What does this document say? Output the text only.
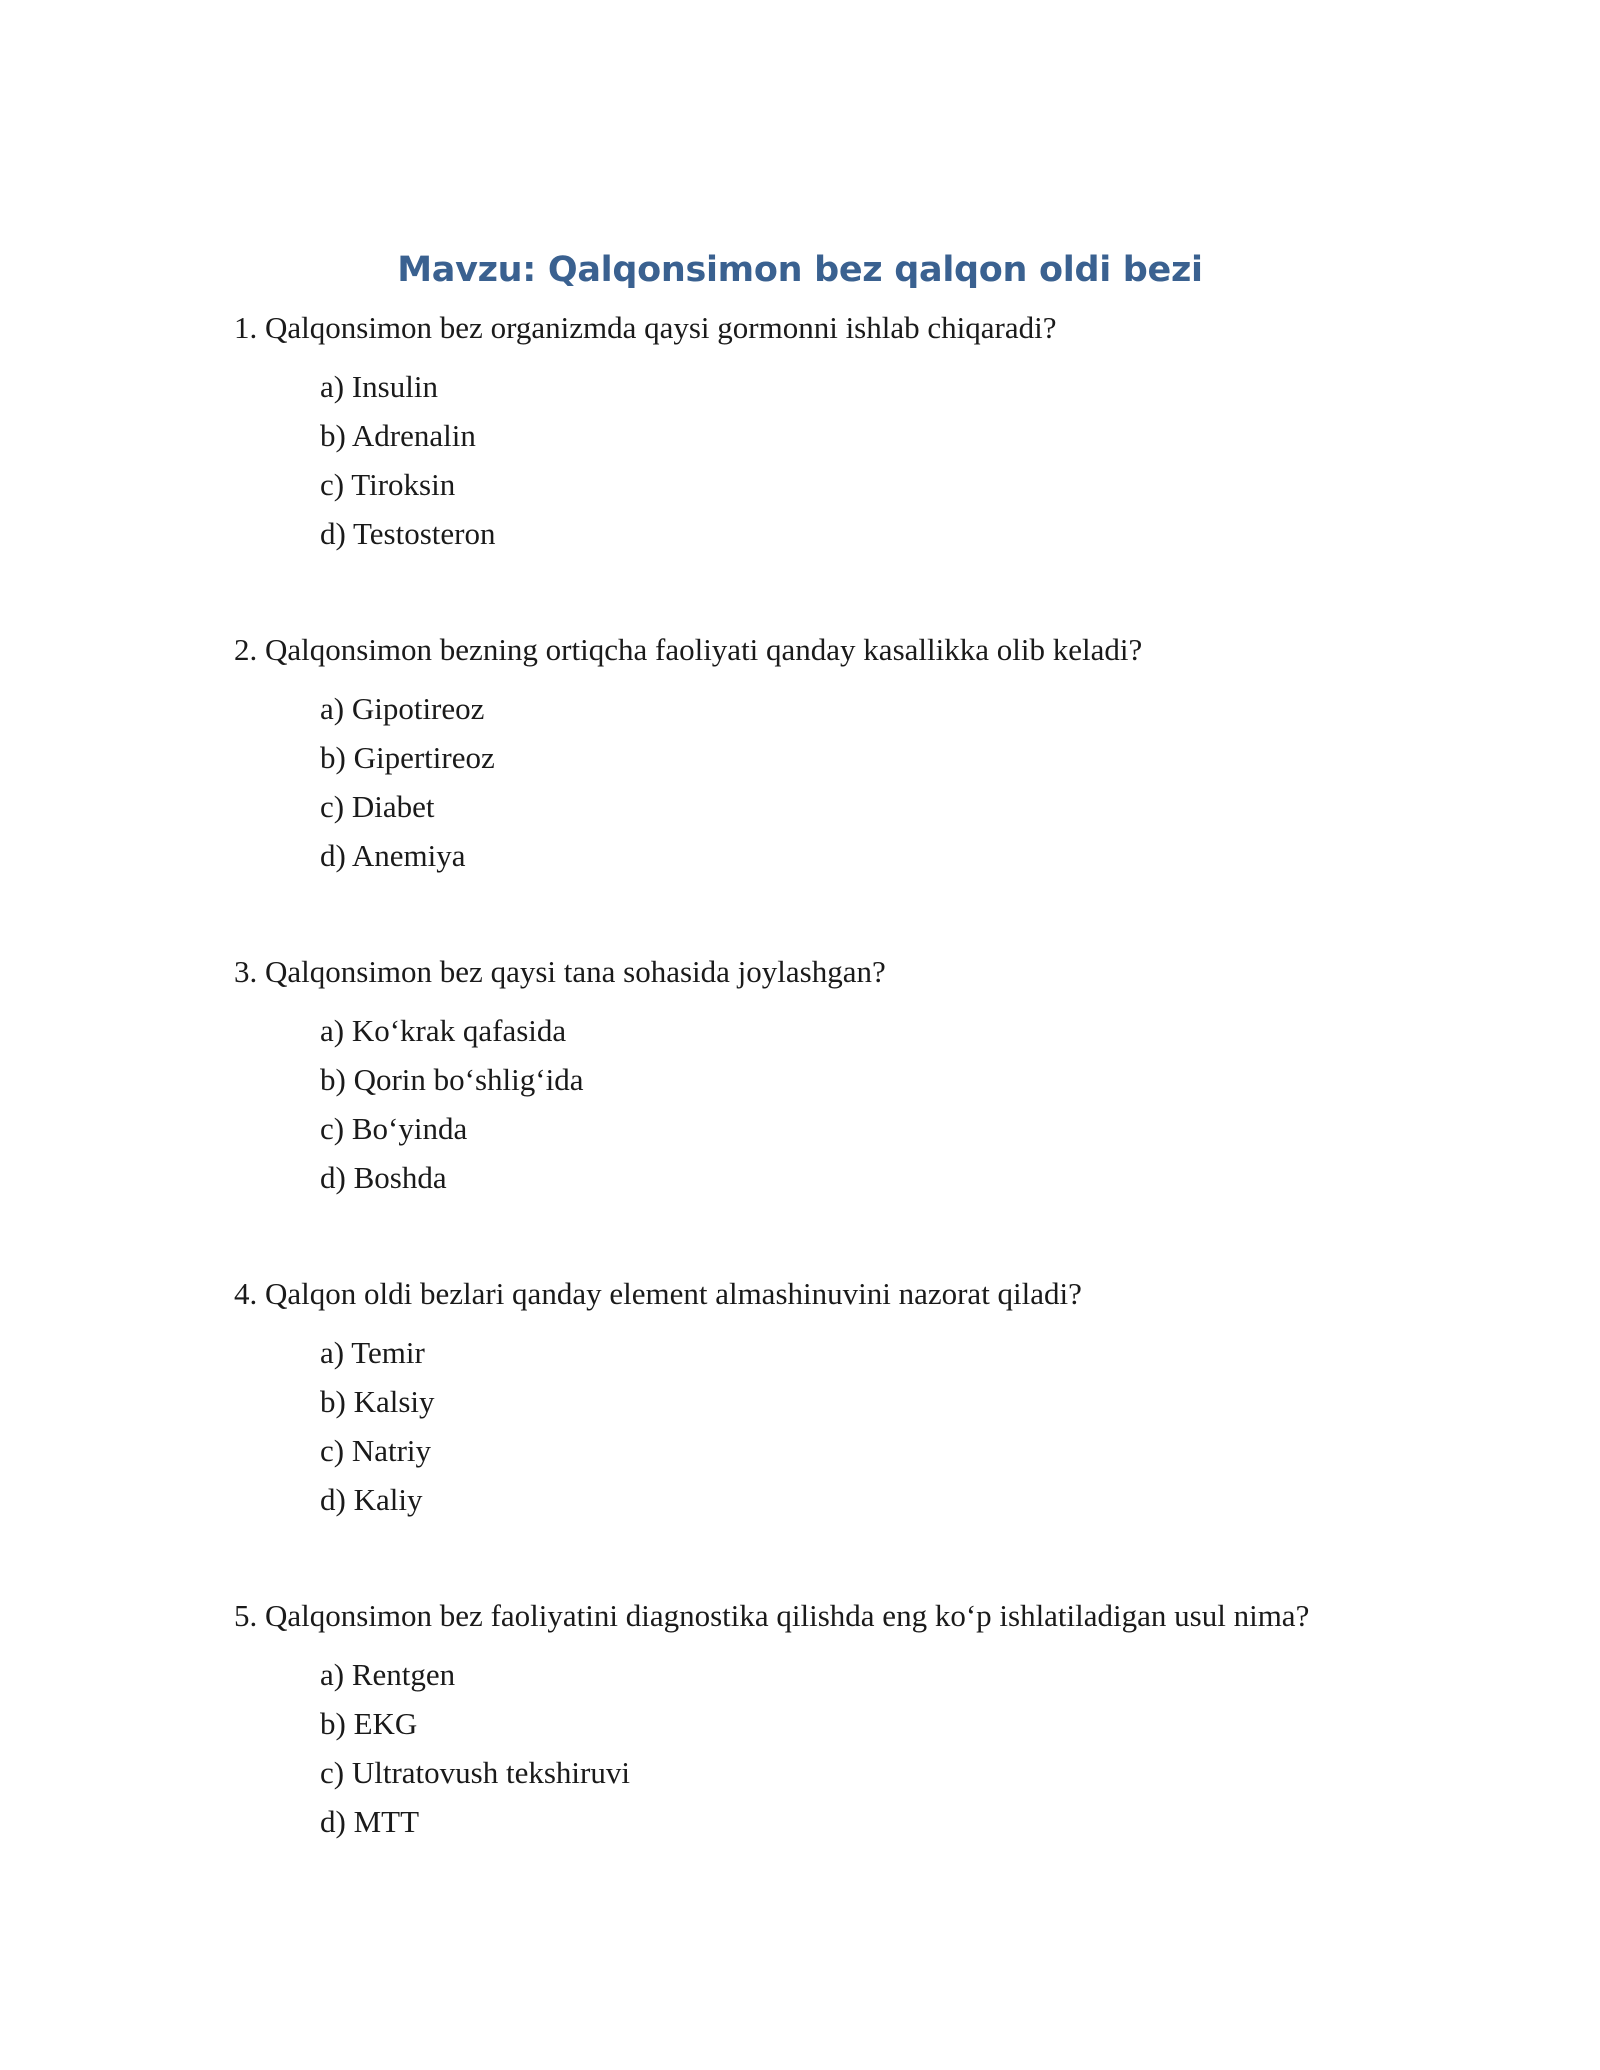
Mavzu: Qalqonsimon bez qalqon oldi bezi
1. Qalqonsimon bez organizmda qaysi gormonni ishlab chiqaradi?
a) Insulin
b) Adrenalin
c) Tiroksin
d) Testosteron
2. Qalqonsimon bezning ortiqcha faoliyati qanday kasallikka olib keladi?
a) Gipotireoz
b) Gipertireoz
c) Diabet
d) Anemiya
3. Qalqonsimon bez qaysi tana sohasida joylashgan?
a) Ko‘krak qafasida
b) Qorin bo‘shlig‘ida
c) Bo‘yinda
d) Boshda
4. Qalqon oldi bezlari qanday element almashinuvini nazorat qiladi?
a) Temir
b) Kalsiy
c) Natriy
d) Kaliy
5. Qalqonsimon bez faoliyatini diagnostika qilishda eng ko‘p ishlatiladigan usul nima?
a) Rentgen
b) EKG
c) Ultratovush tekshiruvi
d) MTT
